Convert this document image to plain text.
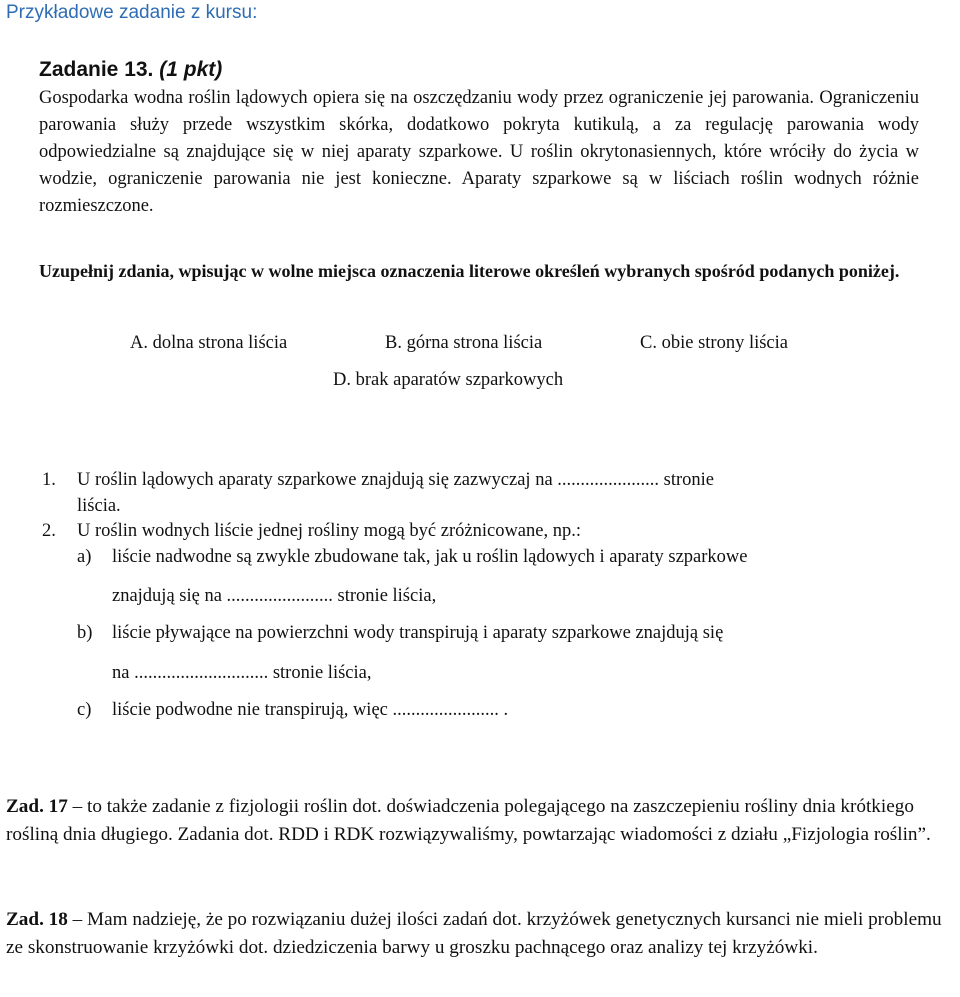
Przykładowe zadanie z kursu:
Zadanie 13. (1 pkt)
Gospodarka wodna roślin lądowych opiera się na oszczędzaniu wody przez ograniczenie jej parowania. Ograniczeniu parowania służy przede wszystkim skórka, dodatkowo pokryta kutikulą, a za regulację parowania wody odpowiedzialne są znajdujące się w niej aparaty szparkowe. U roślin okrytonasiennych, które wróciły do życia w wodzie, ograniczenie parowania nie jest konieczne. Aparaty szparkowe są w liściach roślin wodnych różnie rozmieszczone.
Uzupełnij zdania, wpisując w wolne miejsca oznaczenia literowe określeń wybranych spośród podanych poniżej.
A. dolna strona liścia	B. górna strona liścia	C. obie strony liścia
D. brak aparatów szparkowych
1. U roślin lądowych aparaty szparkowe znajdują się zazwyczaj na ...................... stronie
liścia.
2. U roślin wodnych liście jednej rośliny mogą być zróżnicowane, np.:
a) liście nadwodne są zwykle zbudowane tak, jak u roślin lądowych i aparaty szparkowe
znajdują się na ....................... stronie liścia,
b) liście pływające na powierzchni wody transpirują i aparaty szparkowe znajdują się
na ............................. stronie liścia,
c) liście podwodne nie transpirują, więc ....................... .
Zad. 17 – to także zadanie z fizjologii roślin dot. doświadczenia polegającego na zaszczepieniu rośliny dnia krótkiego rośliną dnia długiego. Zadania dot. RDD i RDK rozwiązywaliśmy, powtarzając wiadomości z działu „Fizjologia roślin”.
Zad. 18 – Mam nadzieję, że po rozwiązaniu dużej ilości zadań dot. krzyżówek genetycznych kursanci nie mieli problemu ze skonstruowanie krzyżówki dot. dziedziczenia barwy u groszku pachnącego oraz analizy tej krzyżówki.
